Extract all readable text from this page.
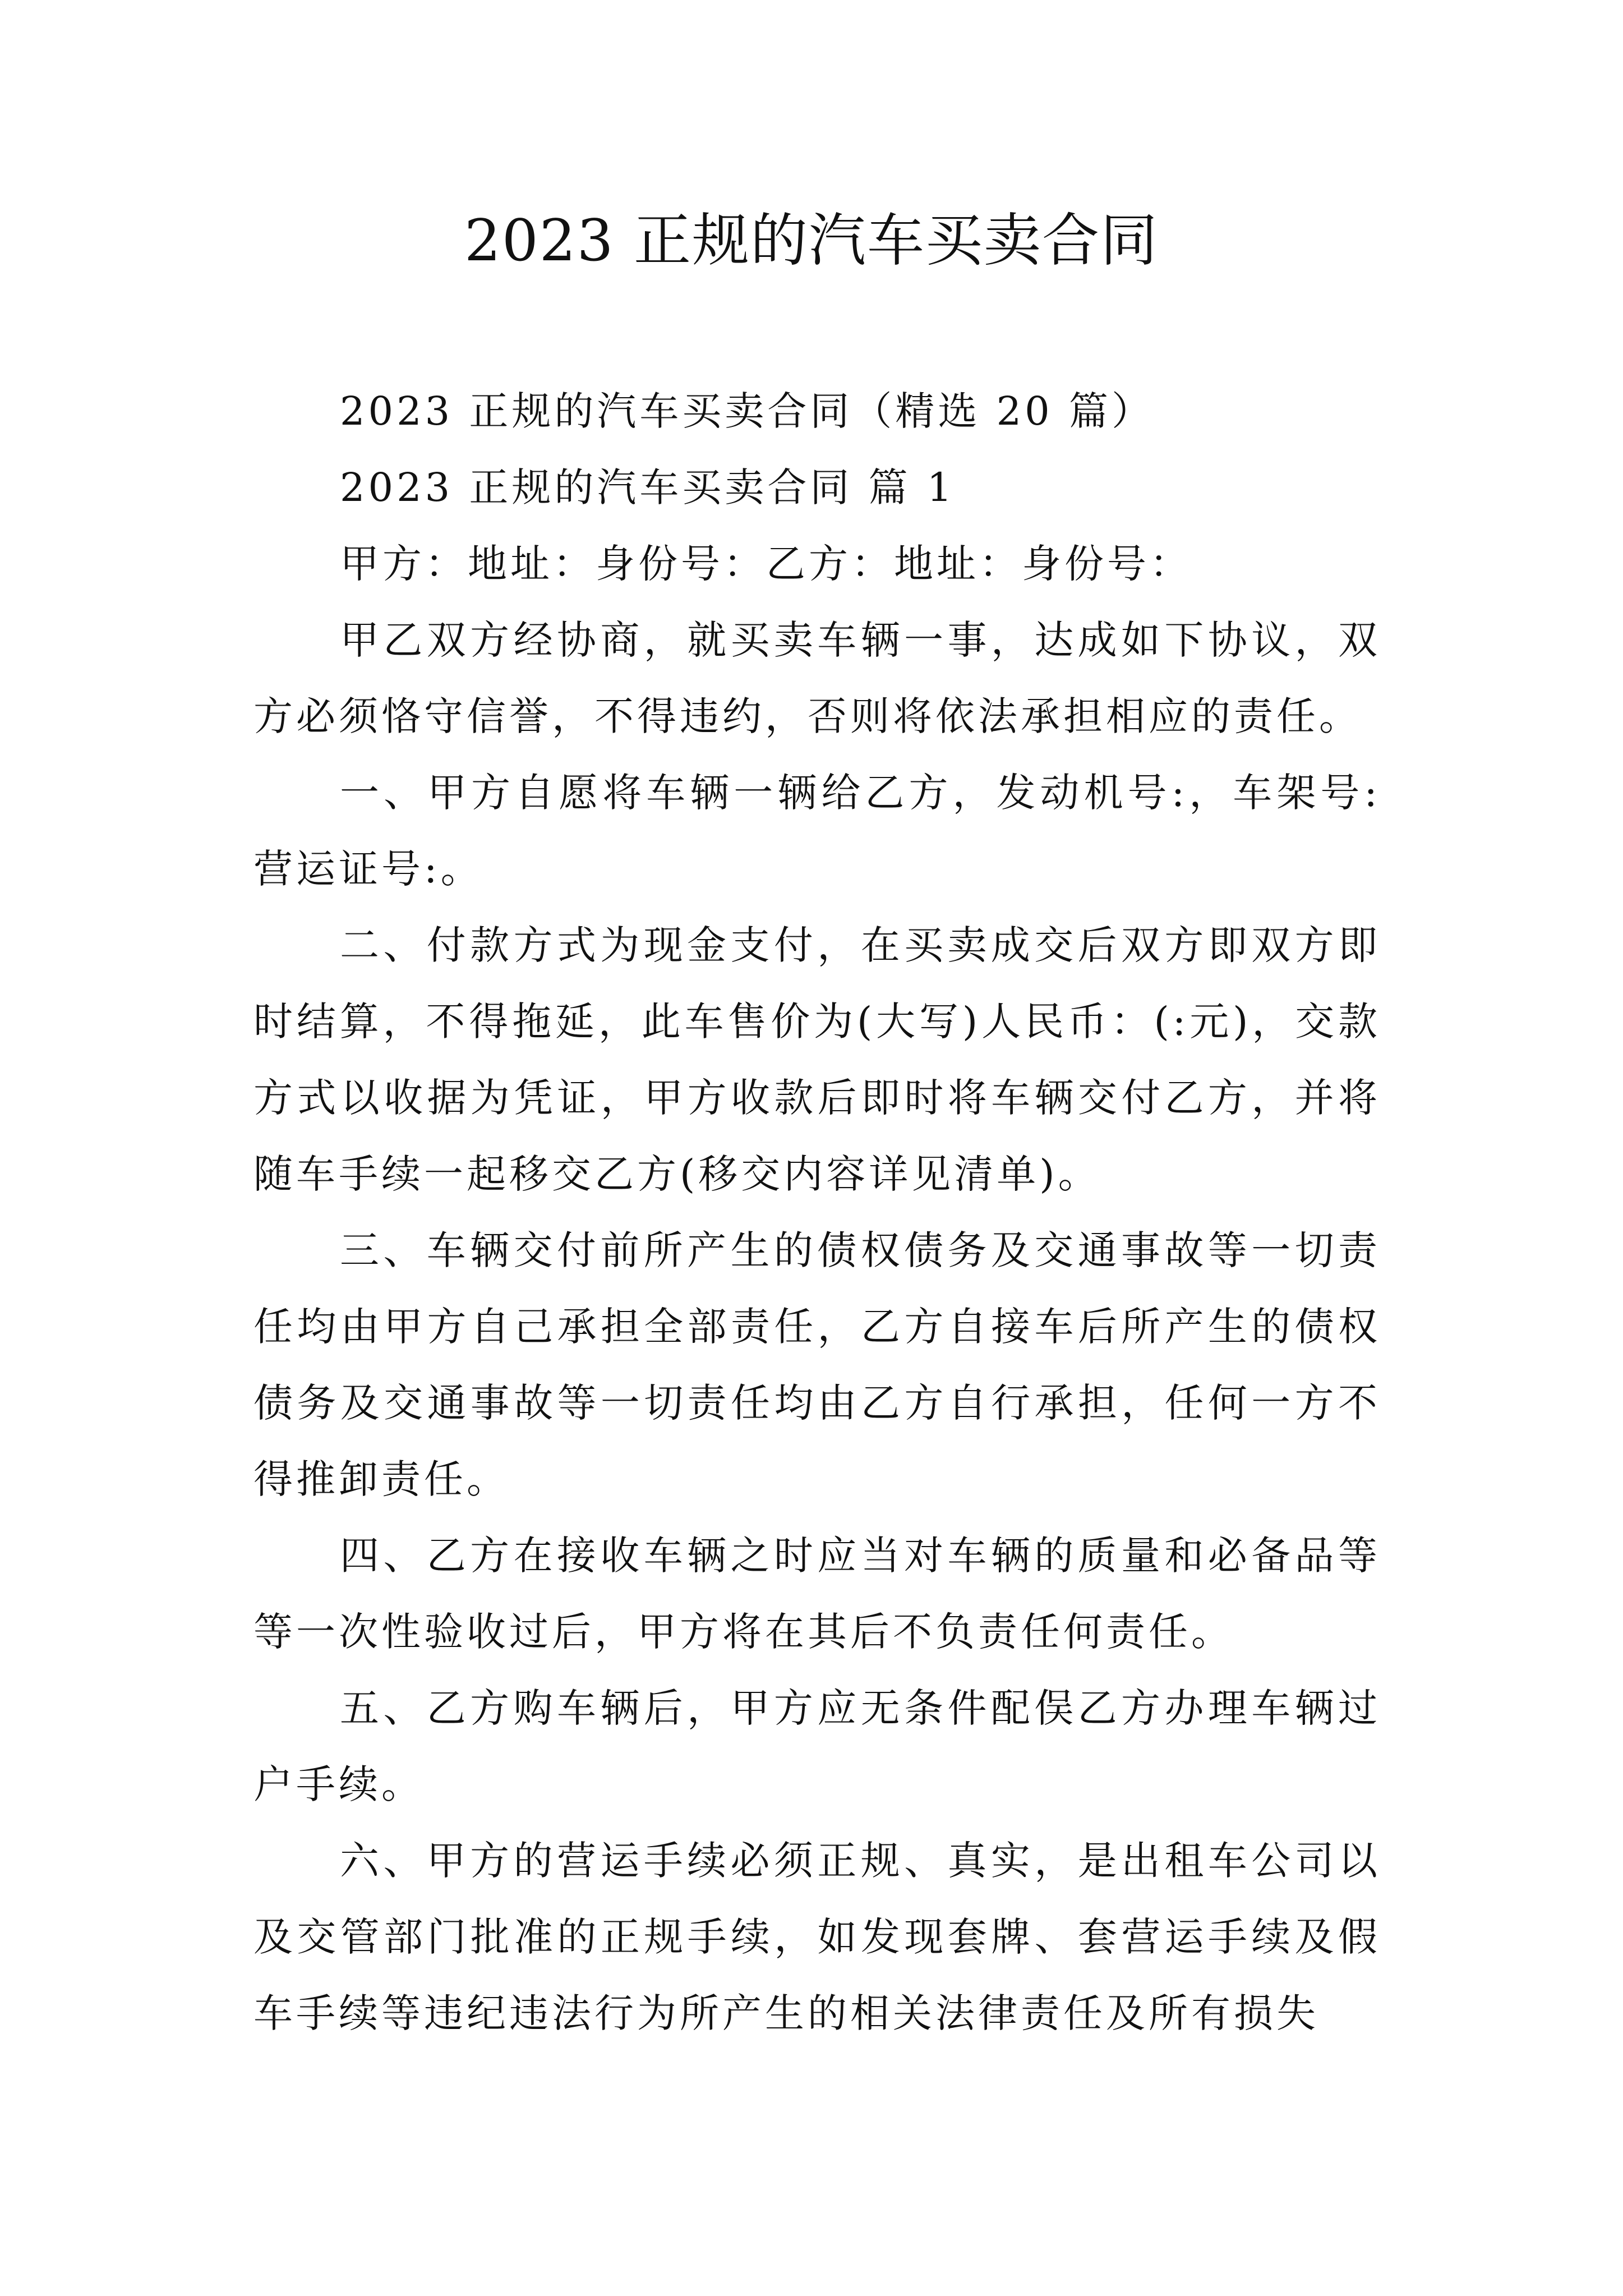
2023 正规的汽车买卖合同

2023 正规的汽车买卖合同（精选 20 篇）

2023 正规的汽车买卖合同 篇 1

甲方：地址：身份号：乙方：地址：身份号：

甲乙双方经协商，就买卖车辆一事，达成如下协议，双方必须恪守信誉，不得违约，否则将依法承担相应的责任。

一、甲方自愿将车辆一辆给乙方，发动机号:，车架号:营运证号:。

二、付款方式为现金支付，在买卖成交后双方即双方即时结算，不得拖延，此车售价为(大写)人民币：(:元)，交款方式以收据为凭证，甲方收款后即时将车辆交付乙方，并将随车手续一起移交乙方(移交内容详见清单)。

三、车辆交付前所产生的债权债务及交通事故等一切责任均由甲方自己承担全部责任，乙方自接车后所产生的债权债务及交通事故等一切责任均由乙方自行承担，任何一方不得推卸责任。

四、乙方在接收车辆之时应当对车辆的质量和必备品等等一次性验收过后，甲方将在其后不负责任何责任。

五、乙方购车辆后，甲方应无条件配俣乙方办理车辆过户手续。

六、甲方的营运手续必须正规、真实，是出租车公司以及交管部门批准的正规手续，如发现套牌、套营运手续及假车手续等违纪违法行为所产生的相关法律责任及所有损失
